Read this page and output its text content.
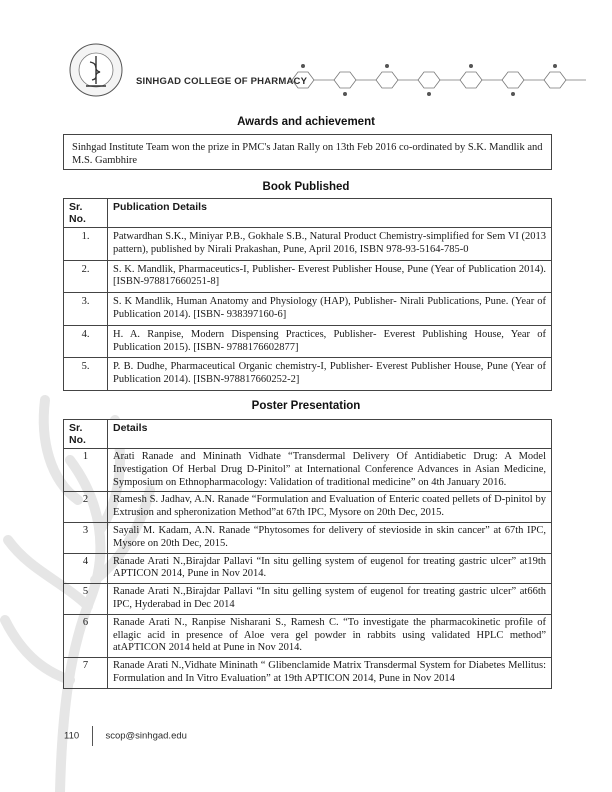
SINHGAD COLLEGE OF PHARMACY
Awards and achievement
Sinhgad Institute Team won the prize in PMC's Jatan Rally on 13th Feb 2016 co-ordinated by S.K. Mandlik and M.S. Gambhire
Book Published
Sr. No.	Publication Details
1.	Patwardhan S.K., Miniyar P.B., Gokhale S.B., Natural Product Chemistry-simplified for Sem VI (2013 pattern), published by Nirali Prakashan, Pune, April 2016, ISBN 978-93-5164-785-0
2.	S. K. Mandlik, Pharmaceutics-I, Publisher- Everest Publisher House, Pune (Year of Publication 2014). [ISBN-978817660251-8]
3.	S. K Mandlik, Human Anatomy and Physiology (HAP), Publisher- Nirali Publications, Pune. (Year of Publication 2014). [ISBN- 938397160-6]
4.	H. A. Ranpise, Modern Dispensing Practices, Publisher- Everest Publishing House, Year of Publication 2015). [ISBN- 9788176602877]
5.	P. B. Dudhe, Pharmaceutical Organic chemistry-I, Publisher- Everest Publisher House, Pune (Year of Publication 2014). [ISBN-978817660252-2]
Poster Presentation
Sr. No.	Details
1	Arati Ranade and Mininath Vidhate “Transdermal Delivery Of Antidiabetic Drug: A Model Investigation Of Herbal Drug D-Pinitol” at International Conference Advances in Asian Medicine, Symposium on Ethnopharmacology: Validation of traditional medicine” on 4th January 2016.
2	Ramesh S. Jadhav, A.N. Ranade “Formulation and Evaluation of Enteric coated pellets of D-pinitol by Extrusion and spheronization Method”at 67th IPC, Mysore on 20th Dec, 2015.
3	Sayali M. Kadam, A.N. Ranade “Phytosomes for delivery of stevioside in skin cancer” at 67th IPC, Mysore on 20th Dec, 2015.
4	Ranade Arati N.,Birajdar Pallavi “In situ gelling system of eugenol for treating gastric ulcer” at19th APTICON 2014, Pune in Nov 2014.
5	Ranade Arati N.,Birajdar Pallavi “In situ gelling system of eugenol for treating gastric ulcer” at66th IPC, Hyderabad in Dec 2014
6	Ranade Arati N., Ranpise Nisharani S., Ramesh C. “To investigate the pharmacokinetic profile of ellagic acid in presence of Aloe vera gel powder in rabbits using validated HPLC method” atAPTICON 2014 held at Pune in Nov 2014.
7	Ranade Arati N.,Vidhate Mininath “ Glibenclamide Matrix Transdermal System for Diabetes Mellitus: Formulation and In Vitro Evaluation” at 19th APTICON 2014, Pune in Nov 2014
110	scop@sinhgad.edu
